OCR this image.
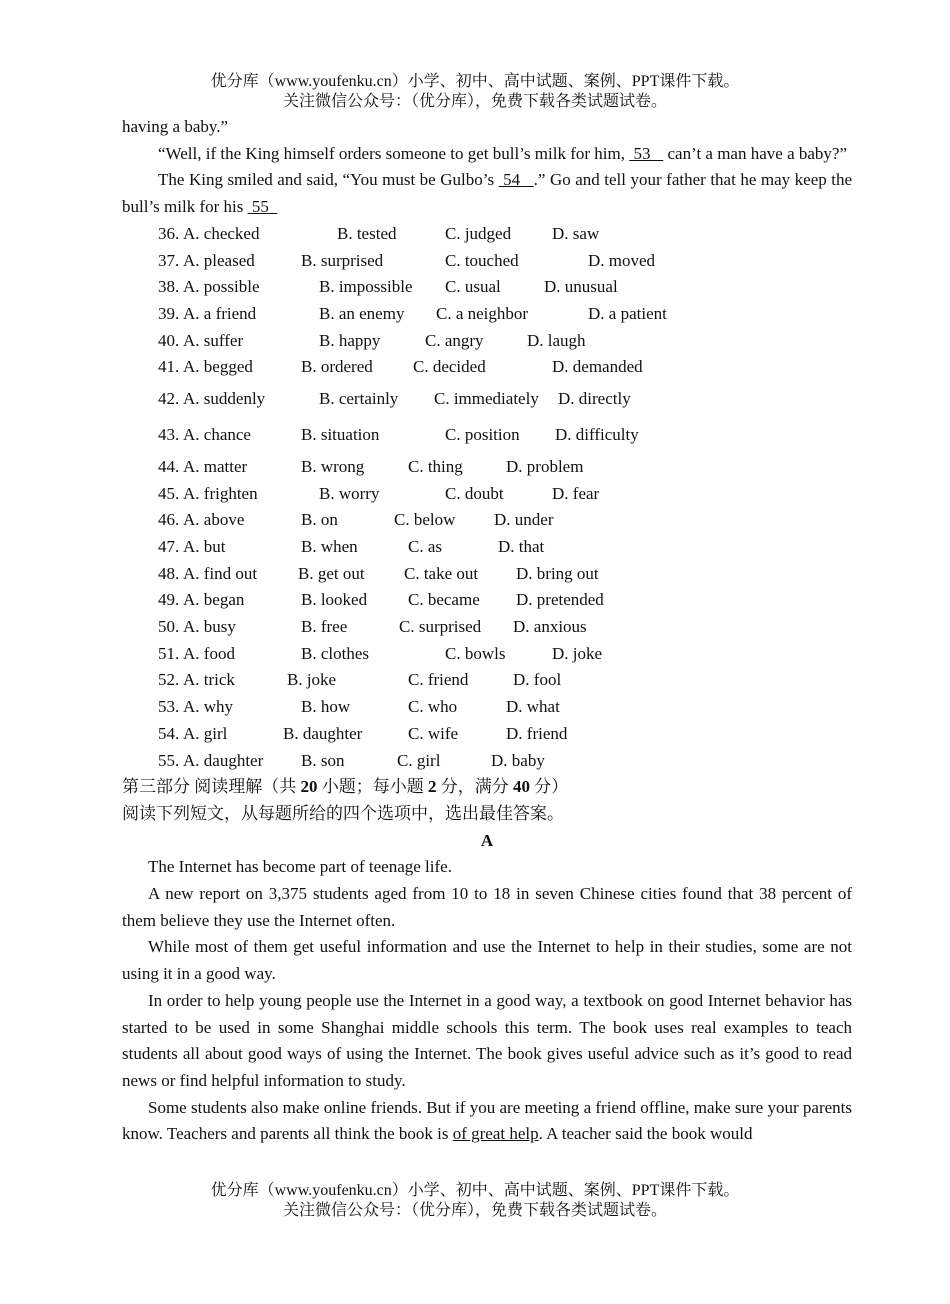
优分库（www.youfenku.cn）小学、初中、高中试题、案例、PPT课件下载。
关注微信公众号：（优分库），免费下载各类试题试卷。

having a baby.”

“Well, if the King himself orders someone to get bull’s milk for him,  53    can’t a man have a baby?”

The King smiled and said, “You must be Gulbo’s  54   .” Go and tell your father that he may keep the bull’s milk for his  55

36. A. checked	B. tested	C. judged D. saw
37. A. pleased	B. surprised	C. touched	D. moved
38. A. possible	B. impossible C. usual	D. unusual
39. A. a friend	B. an enemy C. a neighbor	D. a patient
40. A. suffer	B. happy	C. angry	D. laugh
41. A. begged	B. ordered C. decided	D. demanded
42. A. suddenly	B. certainly C. immediately D. directly
43. A. chance	B. situation	C. position D. difficulty
44. A. matter	B. wrong	C. thing	D. problem
45. A. frighten	B. worry	C. doubt	D. fear
46. A. above	B. on	C. below D. under
47. A. but	B. when	C. as	D. that
48. A. find out B. get out C. take out D. bring out
49. A. began	B. looked C. became D. pretended
50. A. busy	B. free	C. surprised D. anxious
51. A. food	B. clothes	C. bowls	D. joke
52. A. trick	B. joke	C. friend	D. fool
53. A. why	B. how	C. who	D. what
54. A. girl	B. daughter	C. wife	D. friend
55. A. daughter B. son	C. girl	D. baby

第三部分 阅读理解（共 20 小题；每小题 2 分，满分 40 分）

阅读下列短文，从每题所给的四个选项中，选出最佳答案。

A

The Internet has become part of teenage life.

A new report on 3,375 students aged from 10 to 18 in seven Chinese cities found that 38 percent of them believe they use the Internet often.

While most of them get useful information and use the Internet to help in their studies, some are not using it in a good way.

In order to help young people use the Internet in a good way, a textbook on good Internet behavior has started to be used in some Shanghai middle schools this term. The book uses real examples to teach students all about good ways of using the Internet. The book gives useful advice such as it’s good to read news or find helpful information to study.

Some students also make online friends. But if you are meeting a friend offline, make sure your parents know. Teachers and parents all think the book is of great help. A teacher said the book would

优分库（www.youfenku.cn）小学、初中、高中试题、案例、PPT课件下载。
关注微信公众号：（优分库），免费下载各类试题试卷。
